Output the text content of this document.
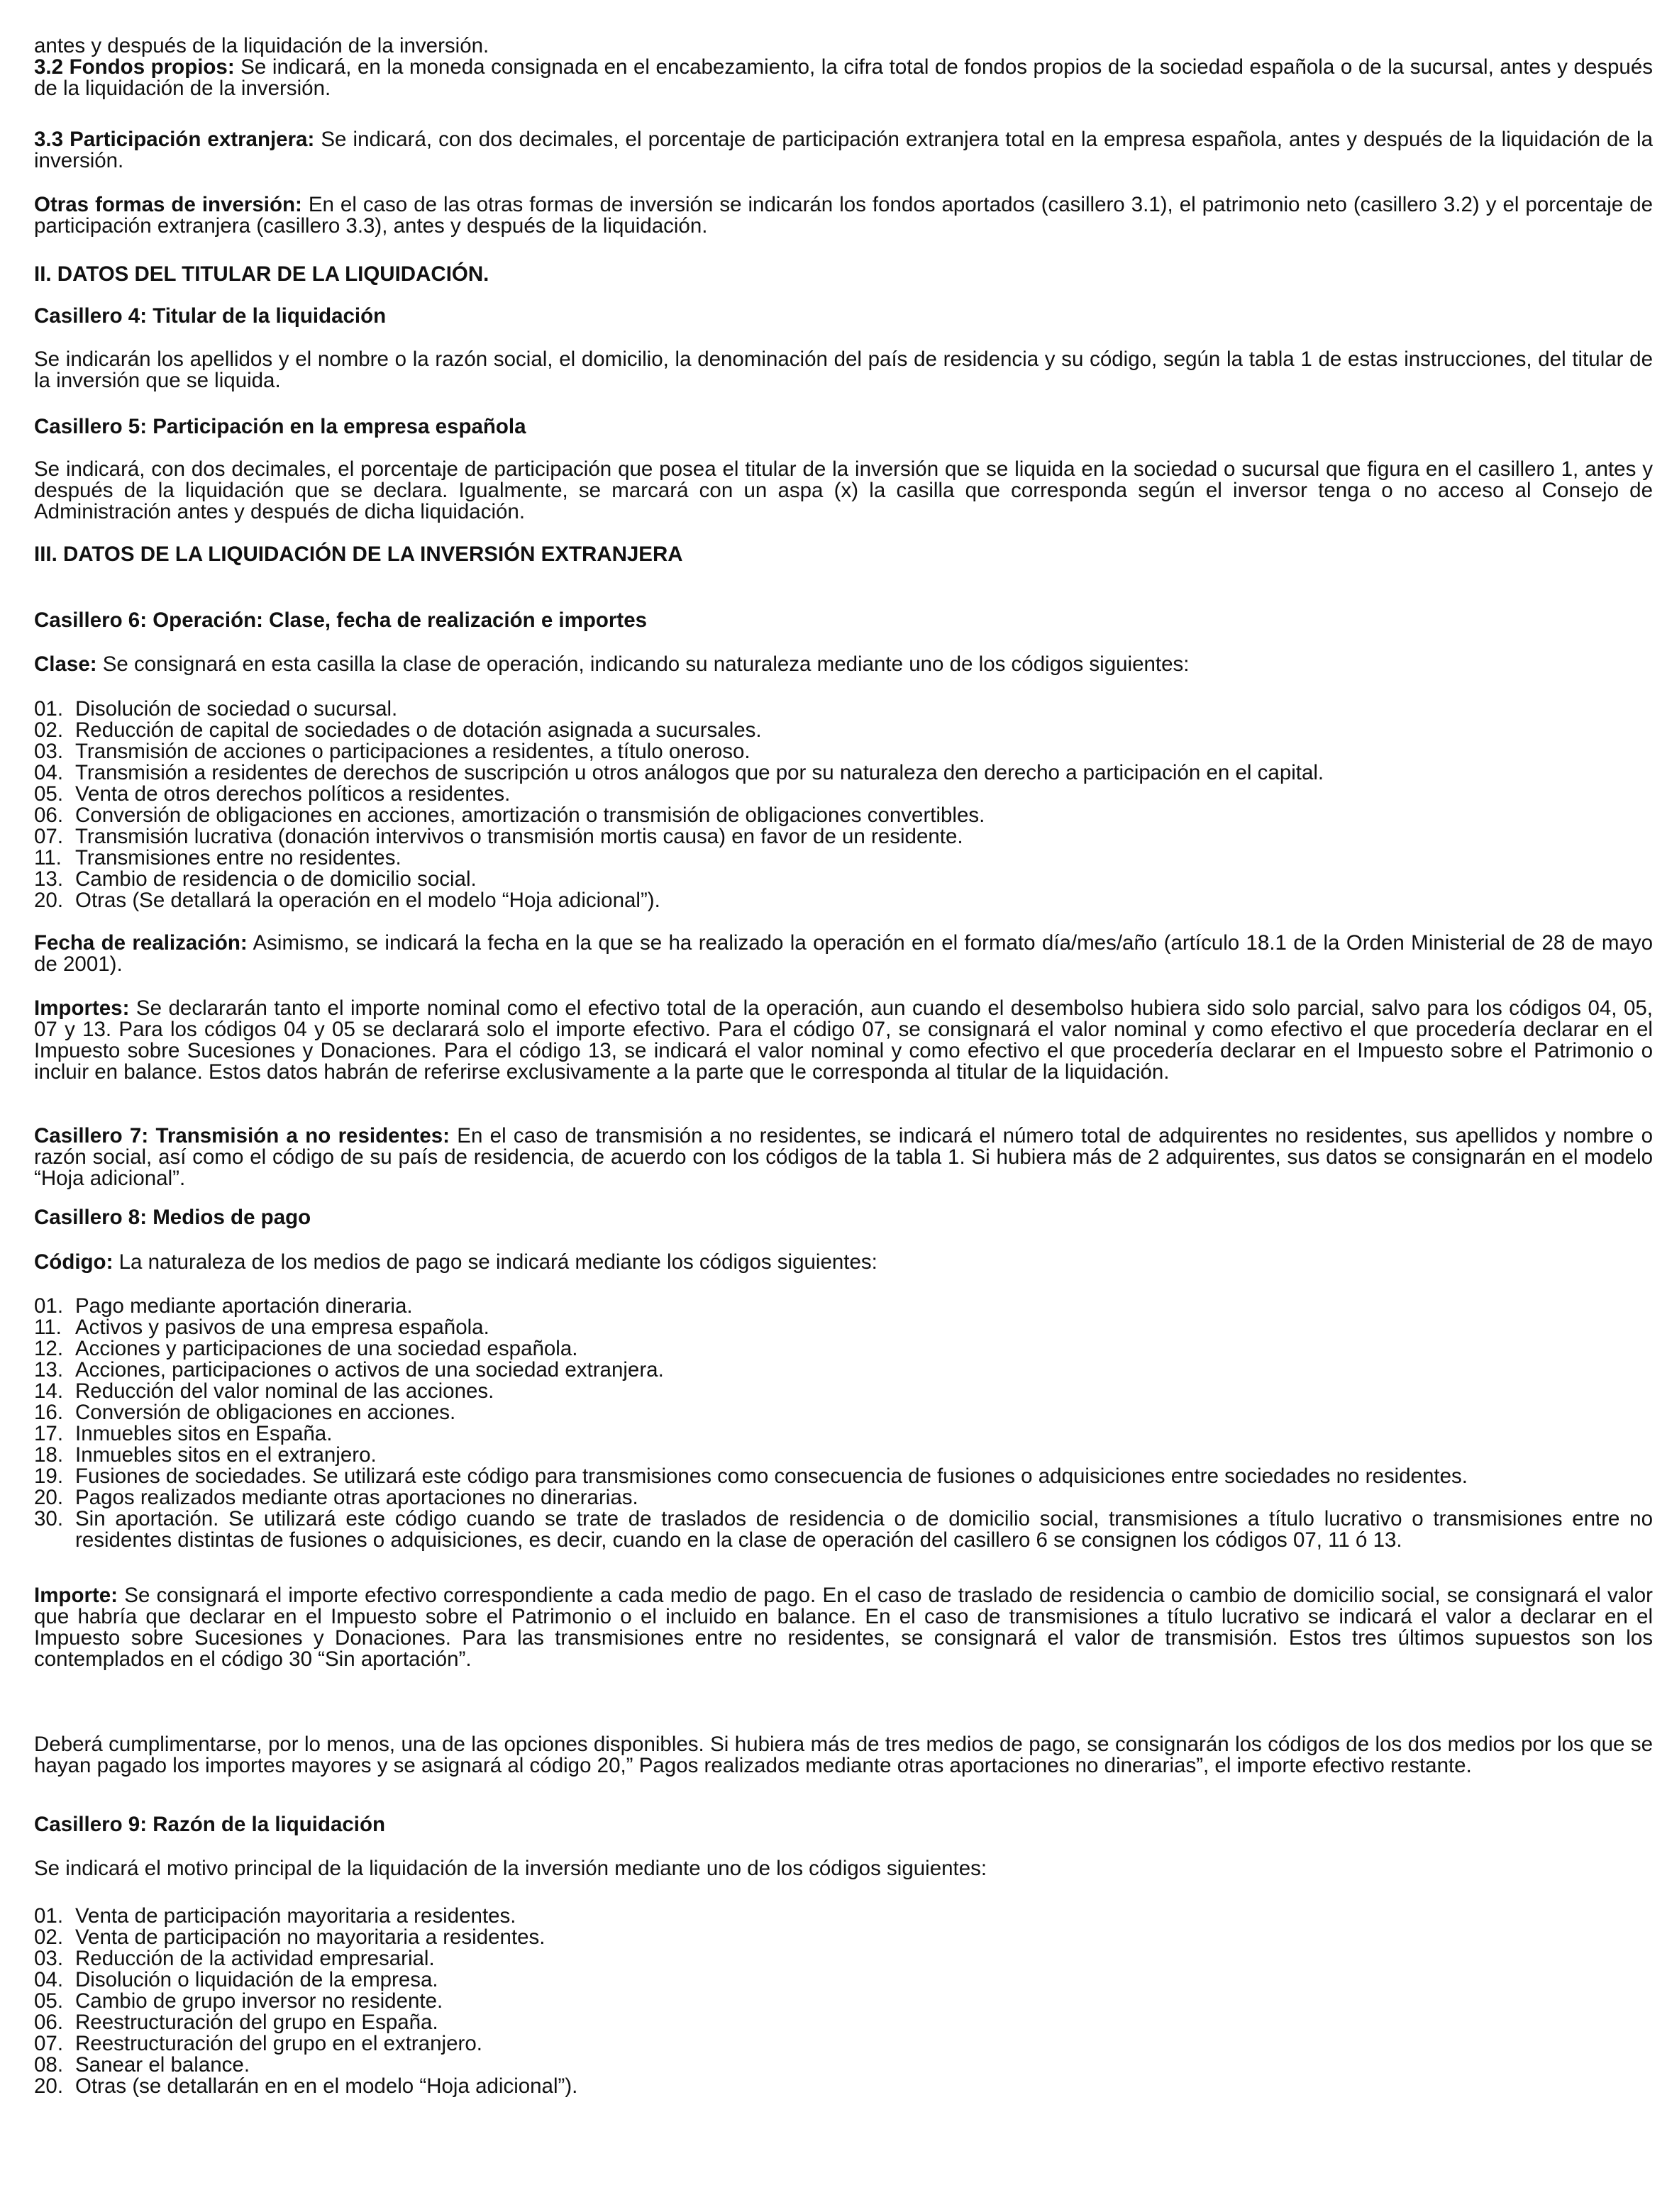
antes y después de la liquidación de la inversión.

3.2 Fondos propios: Se indicará, en la moneda consignada en el encabezamiento, la cifra total de fondos propios de la sociedad española o de la sucursal, antes y después de la liquidación de la inversión.

3.3 Participación extranjera: Se indicará, con dos decimales, el porcentaje de participación extranjera total en la empresa española, antes y después de la liquidación de la inversión.

Otras formas de inversión: En el caso de las otras formas de inversión se indicarán los fondos aportados (casillero 3.1), el patrimonio neto (casillero 3.2) y el porcentaje de participación extranjera (casillero 3.3), antes y después de la liquidación.

II. DATOS DEL TITULAR DE LA LIQUIDACIÓN.

Casillero 4: Titular de la liquidación

Se indicarán los apellidos y el nombre o la razón social, el domicilio, la denominación del país de residencia y su código, según la tabla 1 de estas instrucciones, del titular de la inversión que se liquida.

Casillero 5: Participación en la empresa española

Se indicará, con dos decimales, el porcentaje de participación que posea el titular de la inversión que se liquida en la sociedad o sucursal que figura en el casillero 1, antes y después de la liquidación que se declara. Igualmente, se marcará con un aspa (x) la casilla que corresponda según el inversor tenga o no acceso al Consejo de Administración antes y después de dicha liquidación.

III. DATOS DE LA LIQUIDACIÓN DE LA INVERSIÓN EXTRANJERA

Casillero 6: Operación: Clase, fecha de realización e importes

Clase: Se consignará en esta casilla la clase de operación, indicando su naturaleza mediante uno de los códigos siguientes:

01. Disolución de sociedad o sucursal.
02. Reducción de capital de sociedades o de dotación asignada a sucursales.
03. Transmisión de acciones o participaciones a residentes, a título oneroso.
04. Transmisión a residentes de derechos de suscripción u otros análogos que por su naturaleza den derecho a participación en el capital.
05. Venta de otros derechos políticos a residentes.
06. Conversión de obligaciones en acciones, amortización o transmisión de obligaciones convertibles.
07. Transmisión lucrativa (donación intervivos o transmisión mortis causa) en favor de un residente.
11. Transmisiones entre no residentes.
13. Cambio de residencia o de domicilio social.
20. Otras (Se detallará la operación en el modelo “Hoja adicional”).

Fecha de realización: Asimismo, se indicará la fecha en la que se ha realizado la operación en el formato día/mes/año (artículo 18.1 de la Orden Ministerial de 28 de mayo de 2001).

Importes: Se declararán tanto el importe nominal como el efectivo total de la operación, aun cuando el desembolso hubiera sido solo parcial, salvo para los códigos 04, 05, 07 y 13. Para los códigos 04 y 05 se declarará solo el importe efectivo. Para el código 07, se consignará el valor nominal y como efectivo el que procedería declarar en el Impuesto sobre Sucesiones y Donaciones. Para el código 13, se indicará el valor nominal y como efectivo el que procedería declarar en el Impuesto sobre el Patrimonio o incluir en balance. Estos datos habrán de referirse exclusivamente a la parte que le corresponda al titular de la liquidación.

Casillero 7: Transmisión a no residentes: En el caso de transmisión a no residentes, se indicará el número total de adquirentes no residentes, sus apellidos y nombre o razón social, así como el código de su país de residencia, de acuerdo con los códigos de la tabla 1. Si hubiera más de 2 adquirentes, sus datos se consignarán en el modelo “Hoja adicional”.

Casillero 8: Medios de pago

Código: La naturaleza de los medios de pago se indicará mediante los códigos siguientes:

01. Pago mediante aportación dineraria.
11. Activos y pasivos de una empresa española.
12. Acciones y participaciones de una sociedad española.
13. Acciones, participaciones o activos de una sociedad extranjera.
14. Reducción del valor nominal de las acciones.
16. Conversión de obligaciones en acciones.
17. Inmuebles sitos en España.
18. Inmuebles sitos en el extranjero.
19. Fusiones de sociedades. Se utilizará este código para transmisiones como consecuencia de fusiones o adquisiciones entre sociedades no residentes.
20. Pagos realizados mediante otras aportaciones no dinerarias.
30. Sin aportación. Se utilizará este código cuando se trate de traslados de residencia o de domicilio social, transmisiones a título lucrativo o transmisiones entre no residentes distintas de fusiones o adquisiciones, es decir, cuando en la clase de operación del casillero 6 se consignen los códigos 07, 11 ó 13.

Importe: Se consignará el importe efectivo correspondiente a cada medio de pago. En el caso de traslado de residencia o cambio de domicilio social, se consignará el valor que habría que declarar en el Impuesto sobre el Patrimonio o el incluido en balance. En el caso de transmisiones a título lucrativo se indicará el valor a declarar en el Impuesto sobre Sucesiones y Donaciones. Para las transmisiones entre no residentes, se consignará el valor de transmisión. Estos tres últimos supuestos son los contemplados en el código 30 “Sin aportación”.

Deberá cumplimentarse, por lo menos, una de las opciones disponibles. Si hubiera más de tres medios de pago, se consignarán los códigos de los dos medios por los que se hayan pagado los importes mayores y se asignará al código 20,” Pagos realizados mediante otras aportaciones no dinerarias”, el importe efectivo restante.

Casillero 9: Razón de la liquidación

Se indicará el motivo principal de la liquidación de la inversión mediante uno de los códigos siguientes:

01. Venta de participación mayoritaria a residentes.
02. Venta de participación no mayoritaria a residentes.
03. Reducción de la actividad empresarial.
04. Disolución o liquidación de la empresa.
05. Cambio de grupo inversor no residente.
06. Reestructuración del grupo en España.
07. Reestructuración del grupo en el extranjero.
08. Sanear el balance.
20. Otras (se detallarán en en el modelo “Hoja adicional”).
